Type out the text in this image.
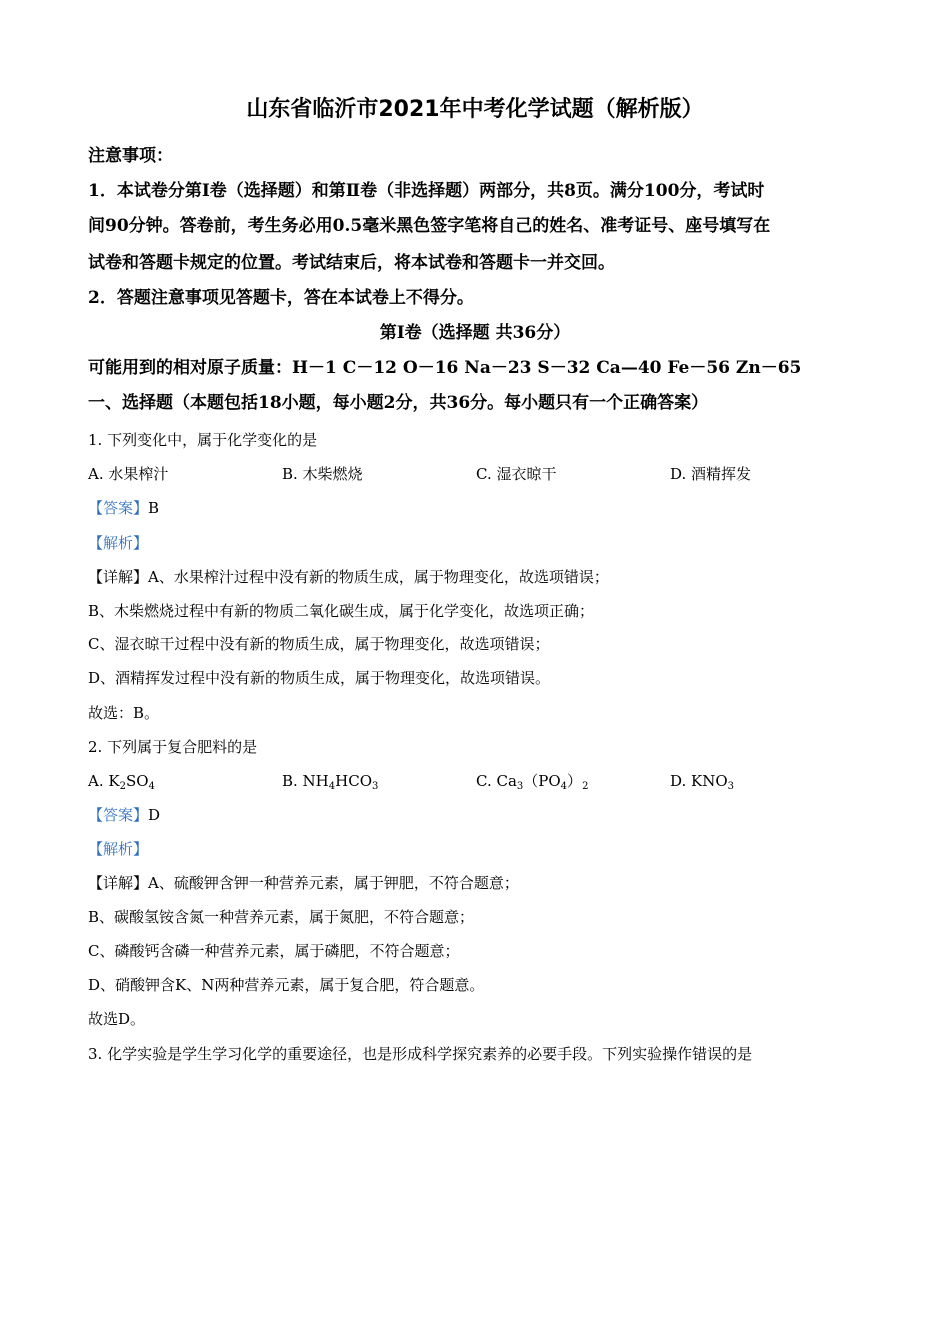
山东省临沂市2021年中考化学试题（解析版）
注意事项：
1．本试卷分第Ⅰ卷（选择题）和第Ⅱ卷（非选择题）两部分，共8页。满分100分，考试时
间90分钟。答卷前，考生务必用0.5毫米黑色签字笔将自己的姓名、准考证号、座号填写在
试卷和答题卡规定的位置。考试结束后，将本试卷和答题卡一并交回。
2．答题注意事项见答题卡，答在本试卷上不得分。
第Ⅰ卷（选择题 共36分）
可能用到的相对原子质量：H－1 C－12 O－16 Na－23 S－32 Ca—40 Fe－56 Zn－65
一、选择题（本题包括18小题，每小题2分，共36分。每小题只有一个正确答案）
1. 下列变化中，属于化学变化的是
A. 水果榨汁	B. 木柴燃烧	C. 湿衣晾干	D. 酒精挥发
【答案】B
【解析】
【详解】A、水果榨汁过程中没有新的物质生成，属于物理变化，故选项错误；
B、木柴燃烧过程中有新的物质二氧化碳生成，属于化学变化，故选项正确；
C、湿衣晾干过程中没有新的物质生成，属于物理变化，故选项错误；
D、酒精挥发过程中没有新的物质生成，属于物理变化，故选项错误。
故选：B。
2. 下列属于复合肥料的是
A. $K_2SO_4$	B. $NH_4HCO_3$	C. $Ca_3(PO_4)_2$	D. $KNO_3$
【答案】D
【解析】
【详解】A、硫酸钾含钾一种营养元素，属于钾肥，不符合题意；
B、碳酸氢铵含氮一种营养元素，属于氮肥，不符合题意；
C、磷酸钙含磷一种营养元素，属于磷肥，不符合题意；
D、硝酸钾含K、N两种营养元素，属于复合肥，符合题意。
故选D。
3. 化学实验是学生学习化学的重要途径，也是形成科学探究素养的必要手段。下列实验操作错误的是
